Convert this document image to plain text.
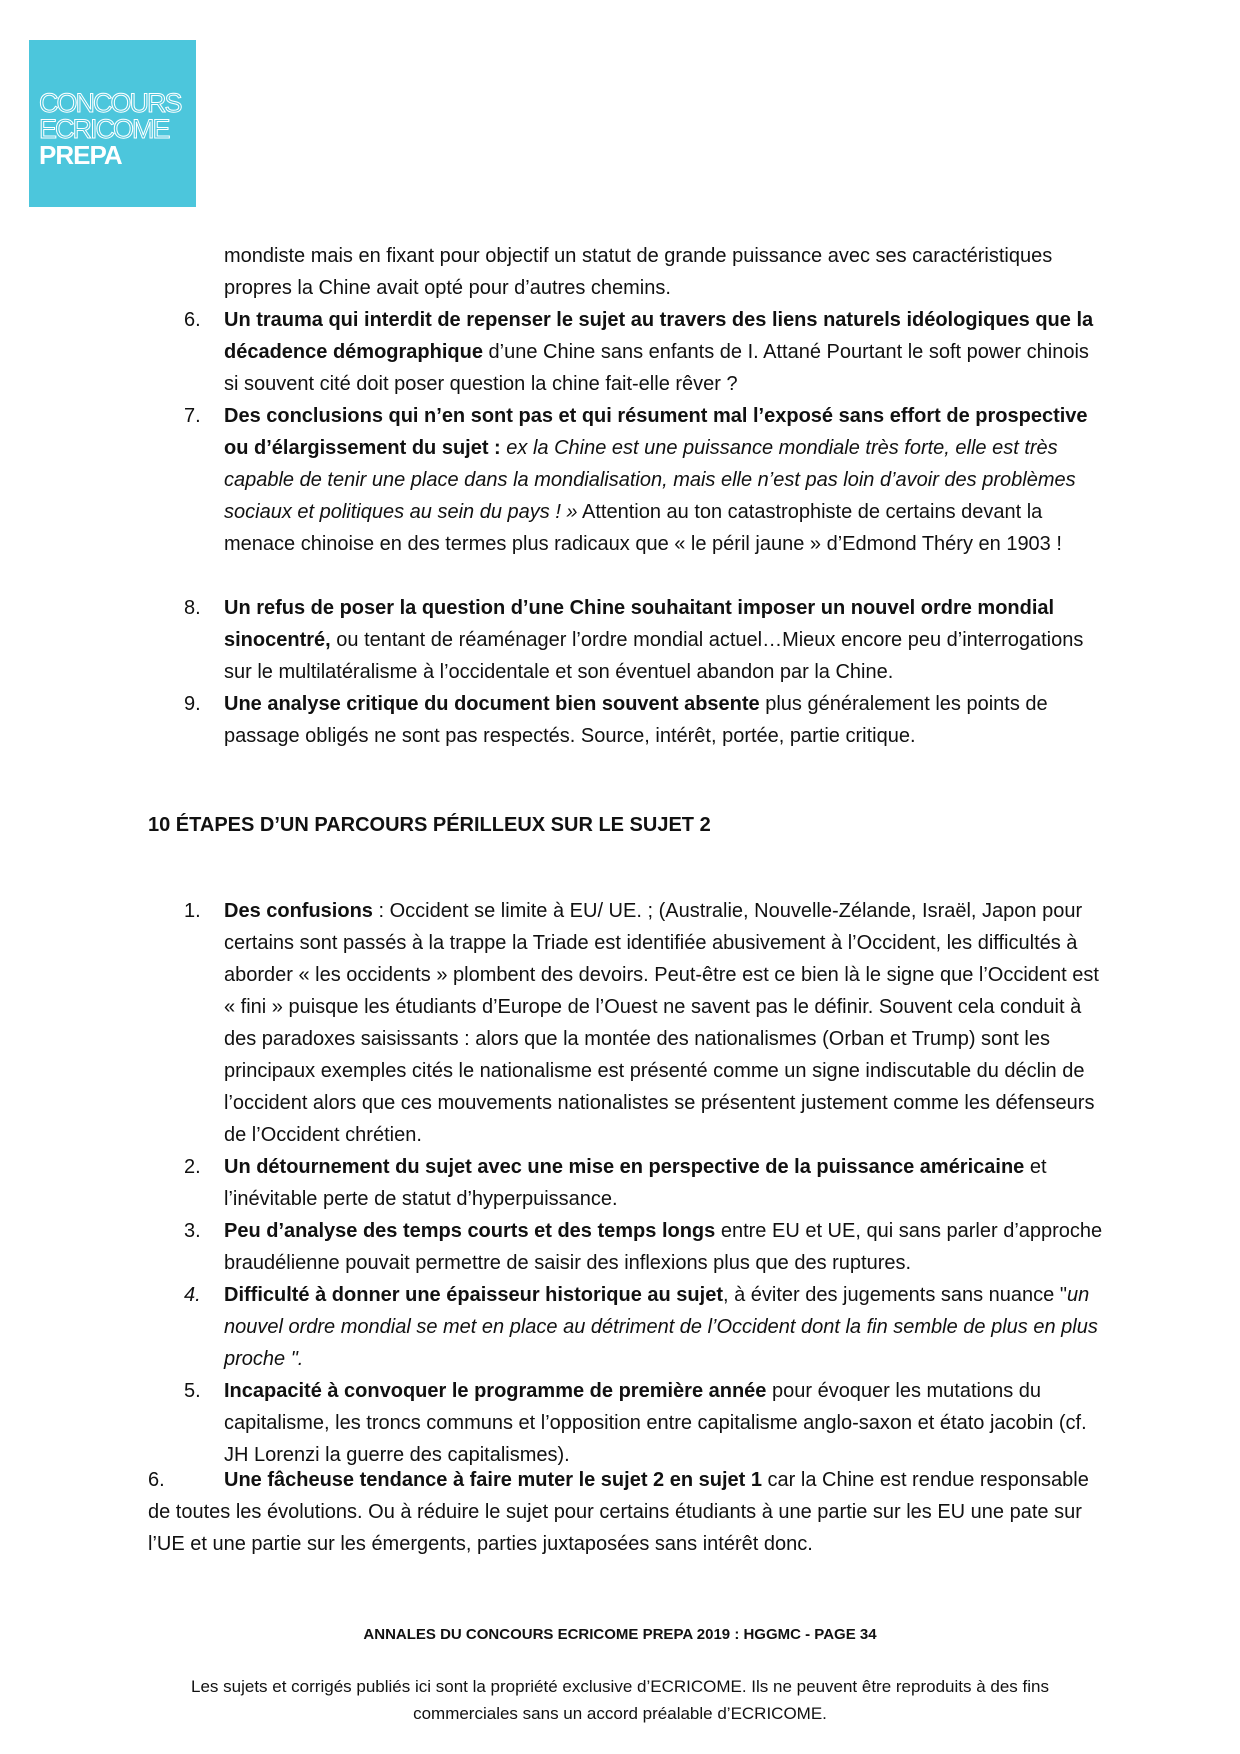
CONCOURS
ECRICOME
PREPA
mondiste mais en fixant pour objectif un statut de grande puissance avec ses caractéristiques propres la Chine avait opté pour d’autres chemins.
6.	Un trauma qui interdit de repenser le sujet au travers des liens naturels idéologiques que la décadence démographique d’une Chine sans enfants de I. Attané Pourtant le soft power chinois si souvent cité doit poser question la chine fait-elle rêver ?
7.	Des conclusions qui n’en sont pas et qui résument mal l’exposé sans effort de prospective ou d’élargissement du sujet : ex la Chine est une puissance mondiale très forte, elle est très capable de tenir une place dans la mondialisation, mais elle n’est pas loin d’avoir des problèmes sociaux et politiques au sein du pays ! » Attention au ton catastrophiste de certains devant la menace chinoise en des termes plus radicaux que « le péril jaune » d’Edmond Théry en 1903 !
8.	Un refus de poser la question d’une Chine souhaitant imposer un nouvel ordre mondial sinocentré, ou tentant de réaménager l’ordre mondial actuel…Mieux encore peu d’interrogations sur le multilatéralisme à l’occidentale et son éventuel abandon par la Chine.
9.	Une analyse critique du document bien souvent absente plus généralement les points de passage obligés ne sont pas respectés. Source, intérêt, portée, partie critique.
10 ÉTAPES D’UN PARCOURS PÉRILLEUX SUR LE SUJET 2
1.	Des confusions : Occident se limite à EU/ UE. ; (Australie, Nouvelle-Zélande, Israël, Japon pour certains sont passés à la trappe la Triade est identifiée abusivement à l’Occident, les difficultés à aborder « les occidents » plombent des devoirs. Peut-être est ce bien là le signe que l’Occident est « fini » puisque les étudiants d’Europe de l’Ouest ne savent pas le définir. Souvent cela conduit à des paradoxes saisissants : alors que la montée des nationalismes (Orban et Trump) sont les principaux exemples cités le nationalisme est présenté comme un signe indiscutable du déclin de l’occident alors que ces mouvements nationalistes se présentent justement comme les défenseurs de l’Occident chrétien.
2.	Un détournement du sujet avec une mise en perspective de la puissance américaine et l’inévitable perte de statut d’hyperpuissance.
3.	Peu d’analyse des temps courts et des temps longs entre EU et UE, qui sans parler d’approche braudélienne pouvait permettre de saisir des inflexions plus que des ruptures.
4.	Difficulté à donner une épaisseur historique au sujet, à éviter des jugements sans nuance "un nouvel ordre mondial se met en place au détriment de l’Occident dont la fin semble de plus en plus proche ".
5.	Incapacité à convoquer le programme de première année pour évoquer les mutations du capitalisme, les troncs communs et l’opposition entre capitalisme anglo-saxon et étato jacobin (cf. JH Lorenzi la guerre des capitalismes).
6.	Une fâcheuse tendance à faire muter le sujet 2 en sujet 1 car la Chine est rendue responsable de toutes les évolutions. Ou à réduire le sujet pour certains étudiants à une partie sur les EU une pate sur l’UE et une partie sur les émergents, parties juxtaposées sans intérêt donc.
ANNALES DU CONCOURS ECRICOME PREPA 2019 : HGGMC - PAGE 34
Les sujets et corrigés publiés ici sont la propriété exclusive d’ECRICOME. Ils ne peuvent être reproduits à des fins commerciales sans un accord préalable d’ECRICOME.
